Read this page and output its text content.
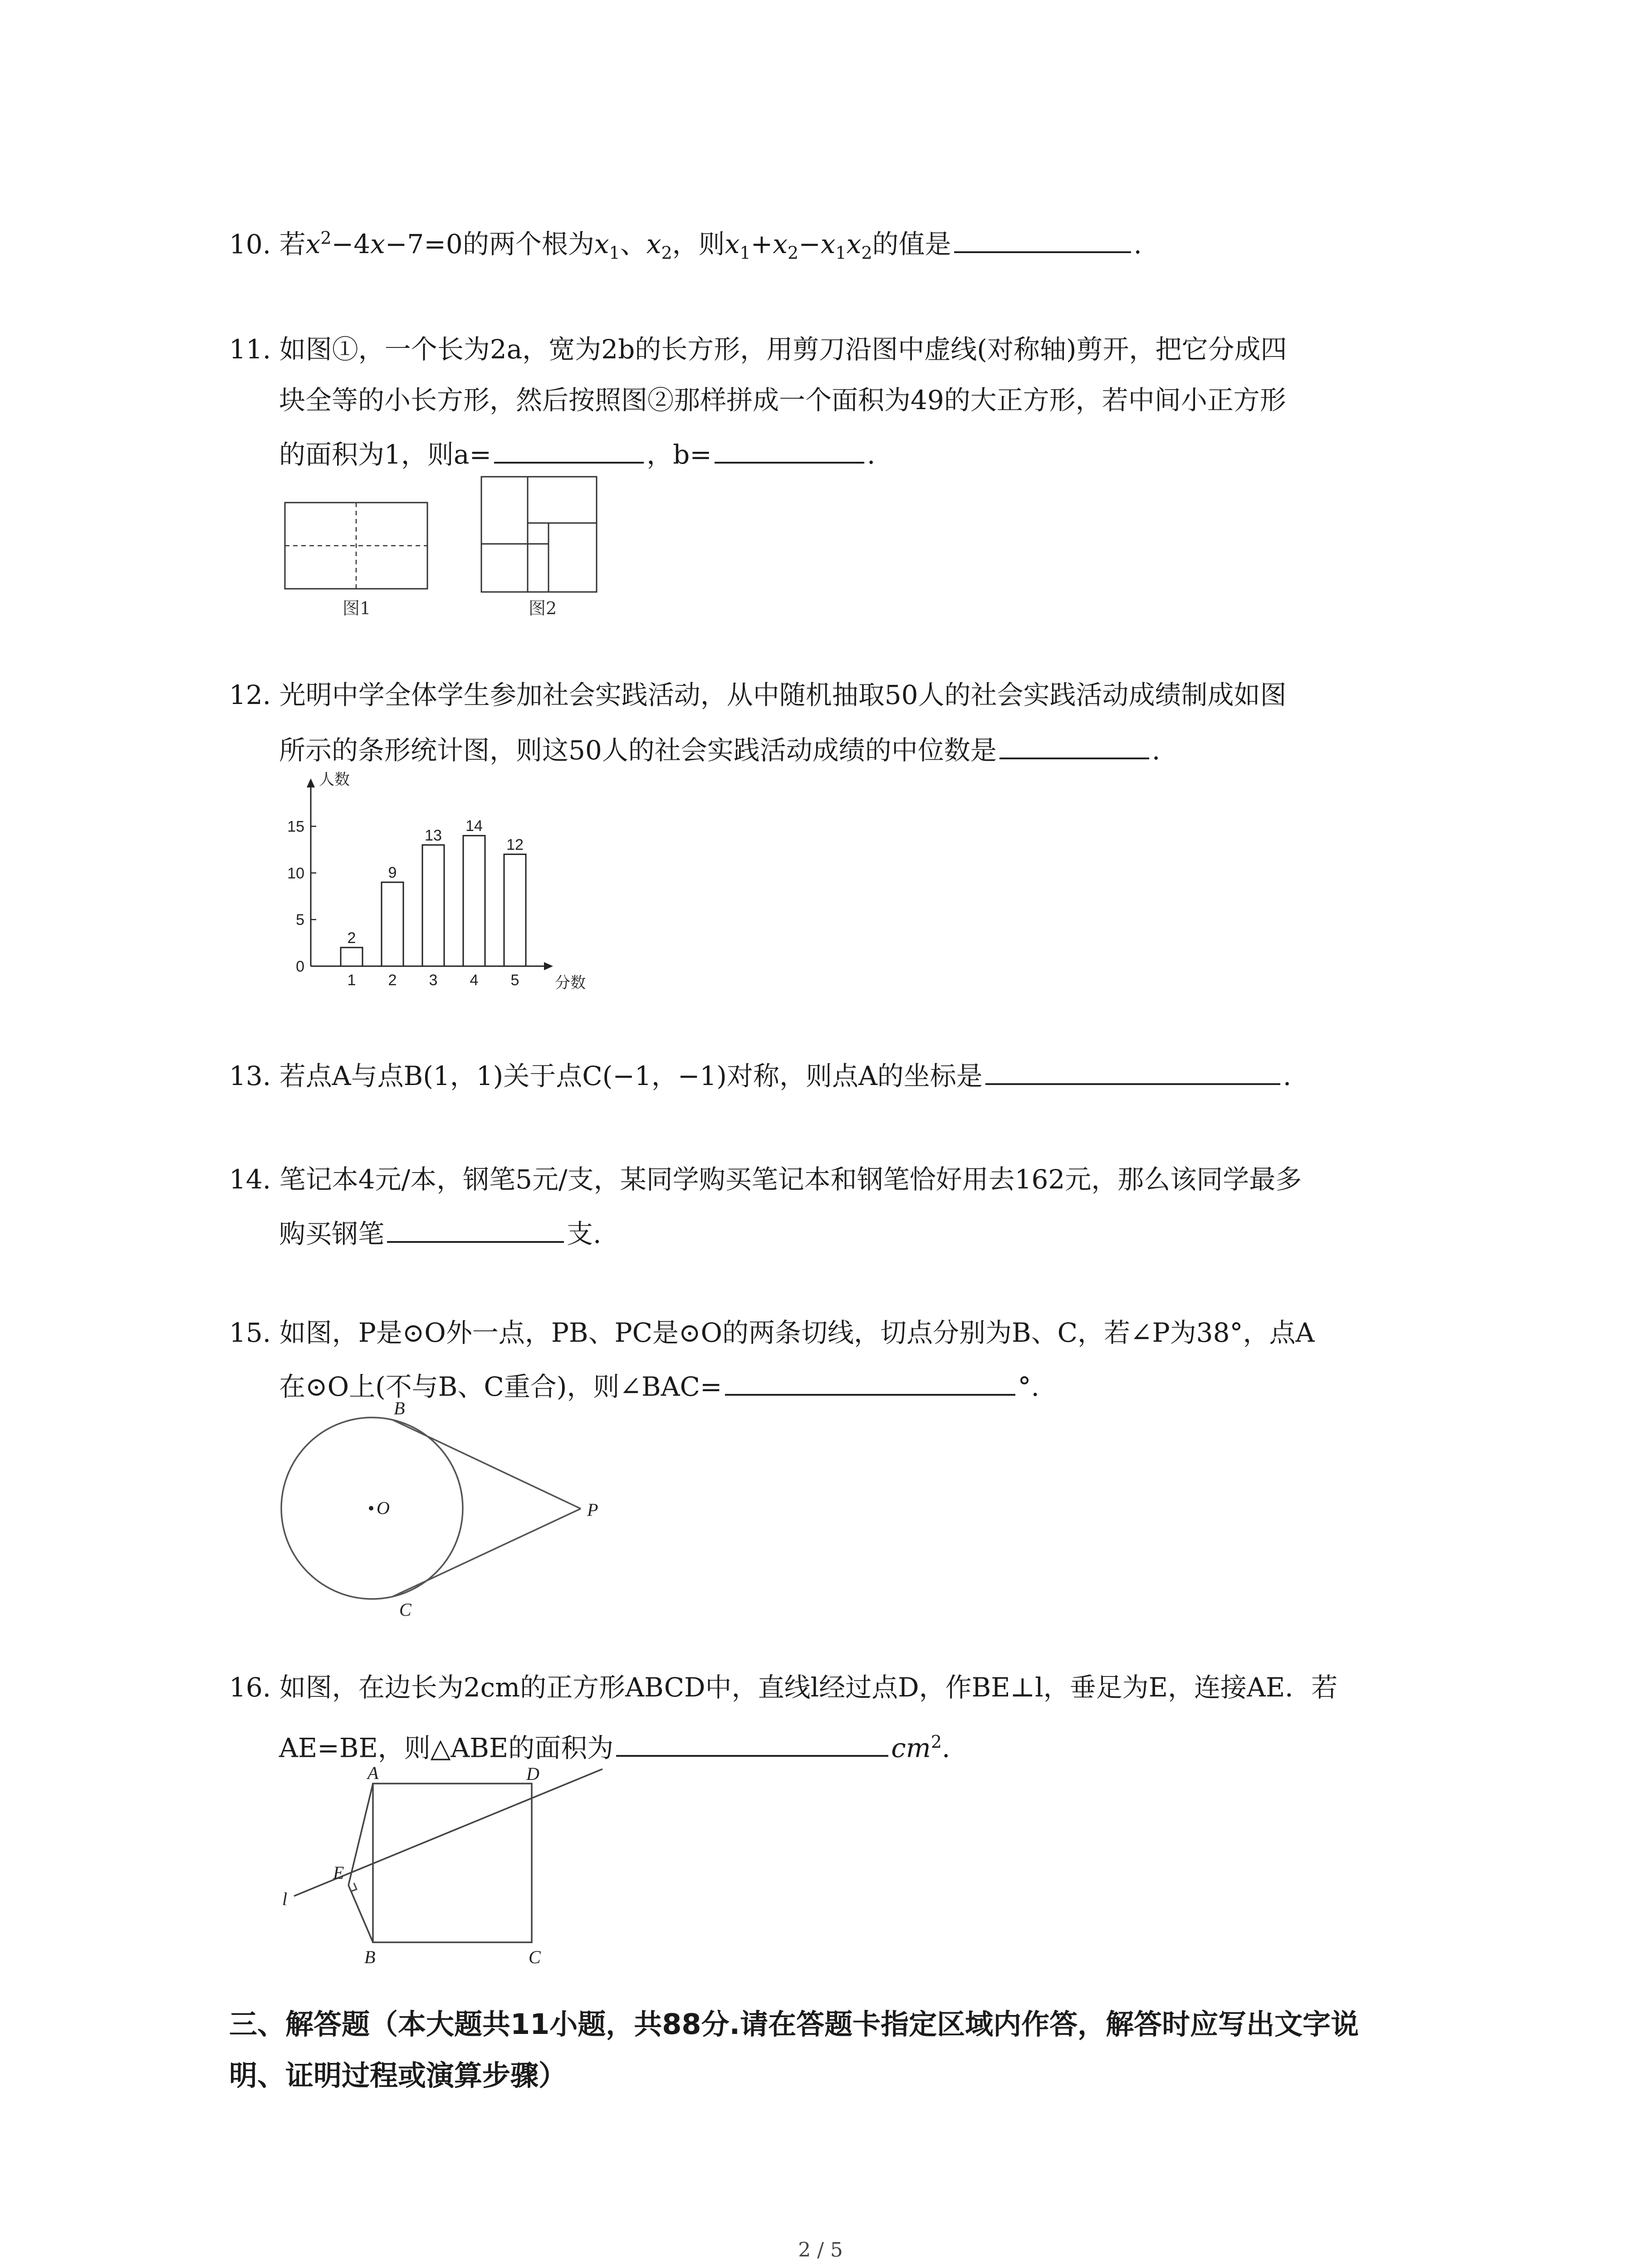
10. 若$x^2-4x-7=0$的两个根为$x_1$、$x_2$，则$x_1+x_2-x_1x_2$的值是	.
11. 如图①，一个长为2a，宽为2b的长方形，用剪刀沿图中虚线(对称轴)剪开，把它分成四
块全等的小长方形，然后按照图②那样拼成一个面积为49的大正方形，若中间小正方形
的面积为1，则a=	，b=	.
图1	图2
12. 光明中学全体学生参加社会实践活动，从中随机抽取50人的社会实践活动成绩制成如图
所示的条形统计图，则这50人的社会实践活动成绩的中位数是	.
人数
分数
0
5
10
15
2
1
9
2
13
3
14
4
12
5
13. 若点A与点B(1，1)关于点C(−1，−1)对称，则点A的坐标是	.
14. 笔记本4元/本，钢笔5元/支，某同学购买笔记本和钢笔恰好用去162元，那么该同学最多
购买钢笔	支.
15. 如图，P是⊙O外一点，PB、PC是⊙O的两条切线，切点分别为B、C，若∠P为38°，点A
在⊙O上(不与B、C重合)，则∠BAC=	°.
B
C
O	P
16. 如图，在边长为2cm的正方形ABCD中，直线l经过点D，作BE⊥l，垂足为E，连接AE．若
AE=BE，则△ABE的面积为	$cm^2$.
A	D
B	C
E
l
三、解答题（本大题共11小题，共88分.请在答题卡指定区域内作答，解答时应写出文字说
明、证明过程或演算步骤）
2 / 5
